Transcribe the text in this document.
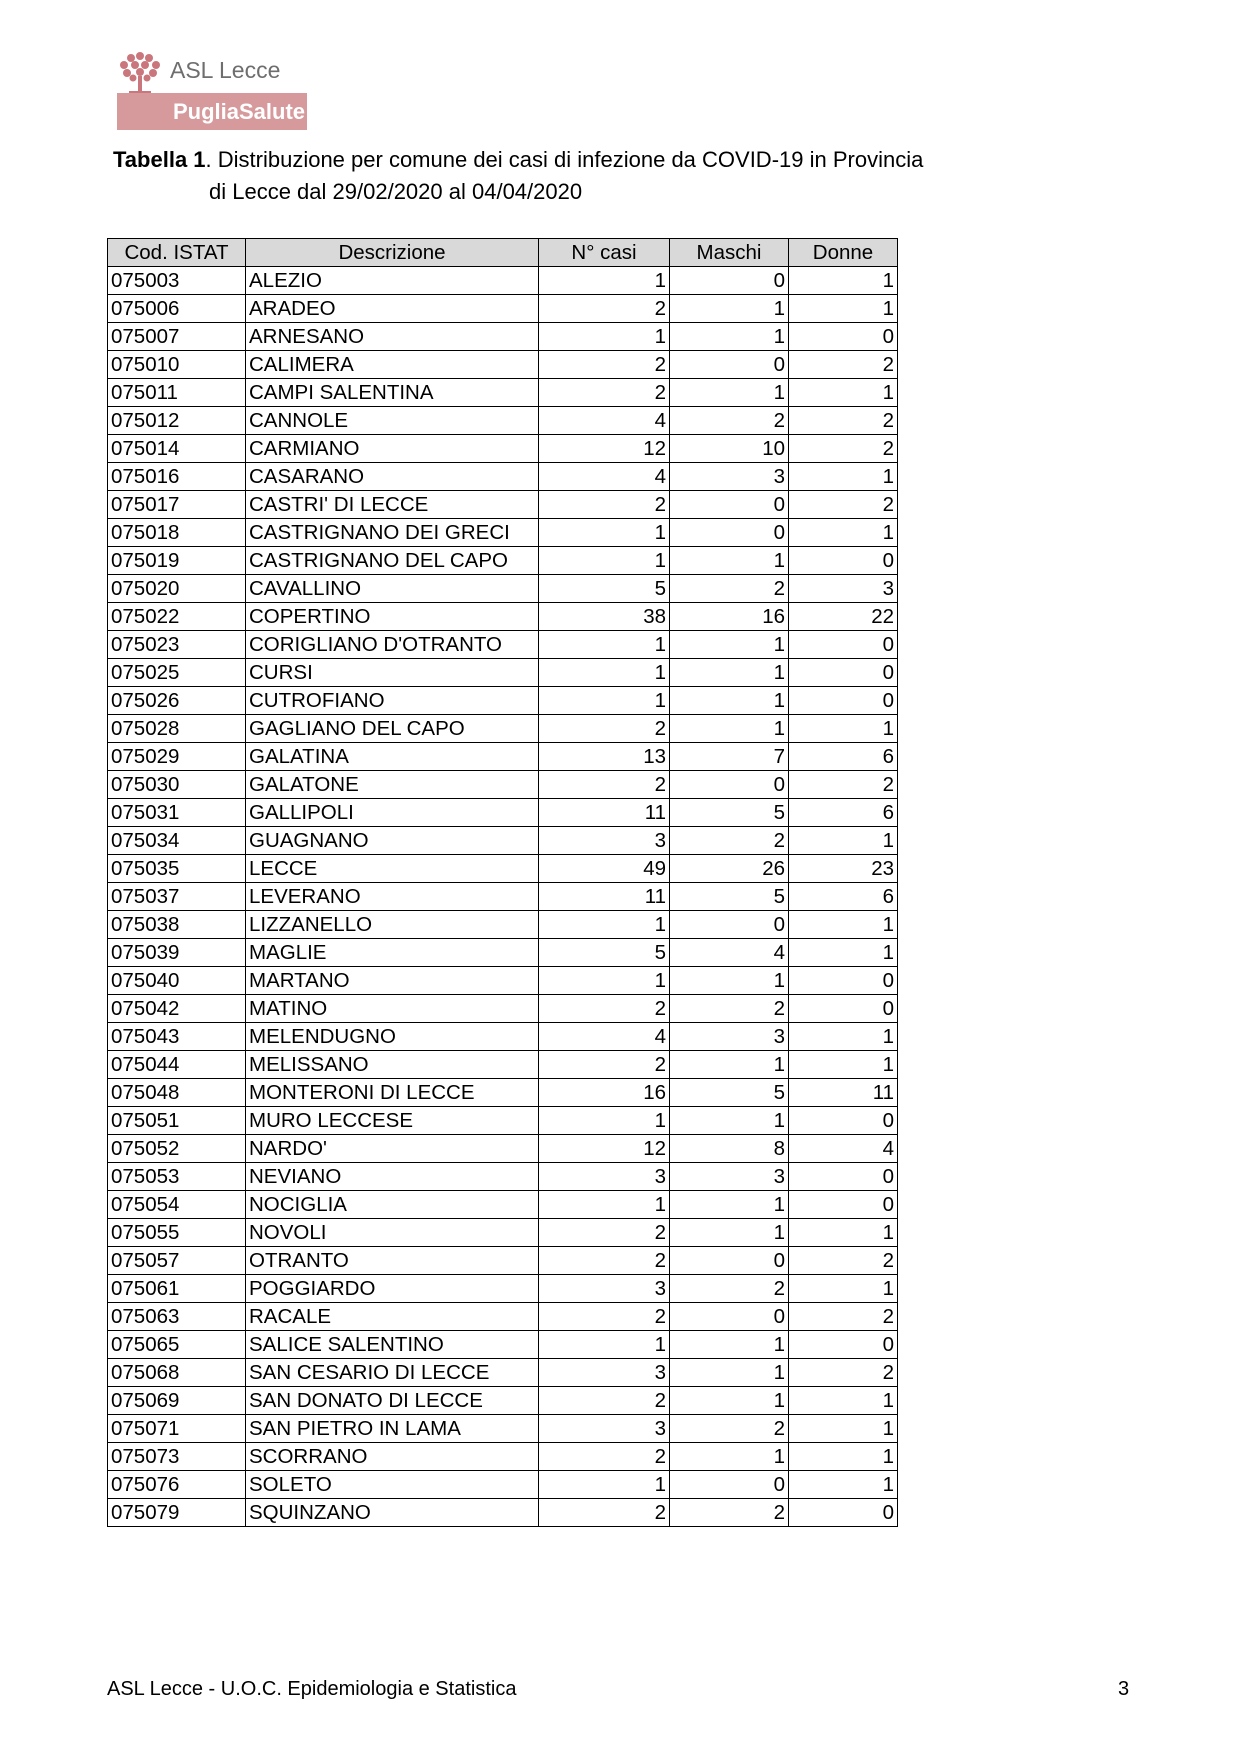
ASL Lecce
PugliaSalute
Tabella 1. Distribuzione per comune dei casi di infezione da COVID-19 in Provincia
di Lecce dal 29/02/2020 al 04/04/2020
Cod. ISTAT	Descrizione	N° casi	Maschi	Donne
075003	ALEZIO	1	0	1
075006	ARADEO	2	1	1
075007	ARNESANO	1	1	0
075010	CALIMERA	2	0	2
075011	CAMPI SALENTINA	2	1	1
075012	CANNOLE	4	2	2
075014	CARMIANO	12	10	2
075016	CASARANO	4	3	1
075017	CASTRI' DI LECCE	2	0	2
075018	CASTRIGNANO DEI GRECI	1	0	1
075019	CASTRIGNANO DEL CAPO	1	1	0
075020	CAVALLINO	5	2	3
075022	COPERTINO	38	16	22
075023	CORIGLIANO D'OTRANTO	1	1	0
075025	CURSI	1	1	0
075026	CUTROFIANO	1	1	0
075028	GAGLIANO DEL CAPO	2	1	1
075029	GALATINA	13	7	6
075030	GALATONE	2	0	2
075031	GALLIPOLI	11	5	6
075034	GUAGNANO	3	2	1
075035	LECCE	49	26	23
075037	LEVERANO	11	5	6
075038	LIZZANELLO	1	0	1
075039	MAGLIE	5	4	1
075040	MARTANO	1	1	0
075042	MATINO	2	2	0
075043	MELENDUGNO	4	3	1
075044	MELISSANO	2	1	1
075048	MONTERONI DI LECCE	16	5	11
075051	MURO LECCESE	1	1	0
075052	NARDO'	12	8	4
075053	NEVIANO	3	3	0
075054	NOCIGLIA	1	1	0
075055	NOVOLI	2	1	1
075057	OTRANTO	2	0	2
075061	POGGIARDO	3	2	1
075063	RACALE	2	0	2
075065	SALICE SALENTINO	1	1	0
075068	SAN CESARIO DI LECCE	3	1	2
075069	SAN DONATO DI LECCE	2	1	1
075071	SAN PIETRO IN LAMA	3	2	1
075073	SCORRANO	2	1	1
075076	SOLETO	1	0	1
075079	SQUINZANO	2	2	0
ASL Lecce - U.O.C. Epidemiologia e Statistica	3
